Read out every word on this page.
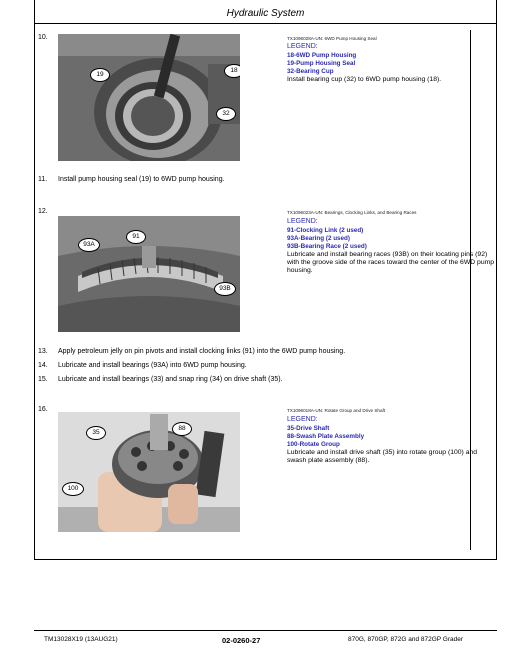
Hydraulic System
10.
19
18
32
TX1096028A-UN: 6WD Pump Housing Seal
LEGEND:
18-6WD Pump Housing
19-Pump Housing Seal
32-Bearing Cup
Install bearing cup (32) to 6WD pump housing (18).
11. Install pump housing seal (19) to 6WD pump housing.
12.
91
93A
93B
TX1096023A-UN: Bearings, Clocking Links, and Bearing Races
LEGEND:
91-Clocking Link (2 used)
93A-Bearing (2 used)
93B-Bearing Race (2 used)
Lubricate and install bearing races (93B) on their locating pins (92) with the groove side of the races toward the center of the 6WD pump housing.
13. Apply petroleum jelly on pin pivots and install clocking links (91) into the 6WD pump housing.
14. Lubricate and install bearings (93A) into 6WD pump housing.
15. Lubricate and install bearings (33) and snap ring (34) on drive shaft (35).
16.
35
88
100
TX1096018A-UN: Rotate Group and Drive Shaft
LEGEND:
35-Drive Shaft
88-Swash Plate Assembly
100-Rotate Group
Lubricate and install drive shaft (35) into rotate group (100) and swash plate assembly (88).
TM13028X19 (13AUG21)	02-0260-27	870G, 870GP, 872G and 872GP Grader
